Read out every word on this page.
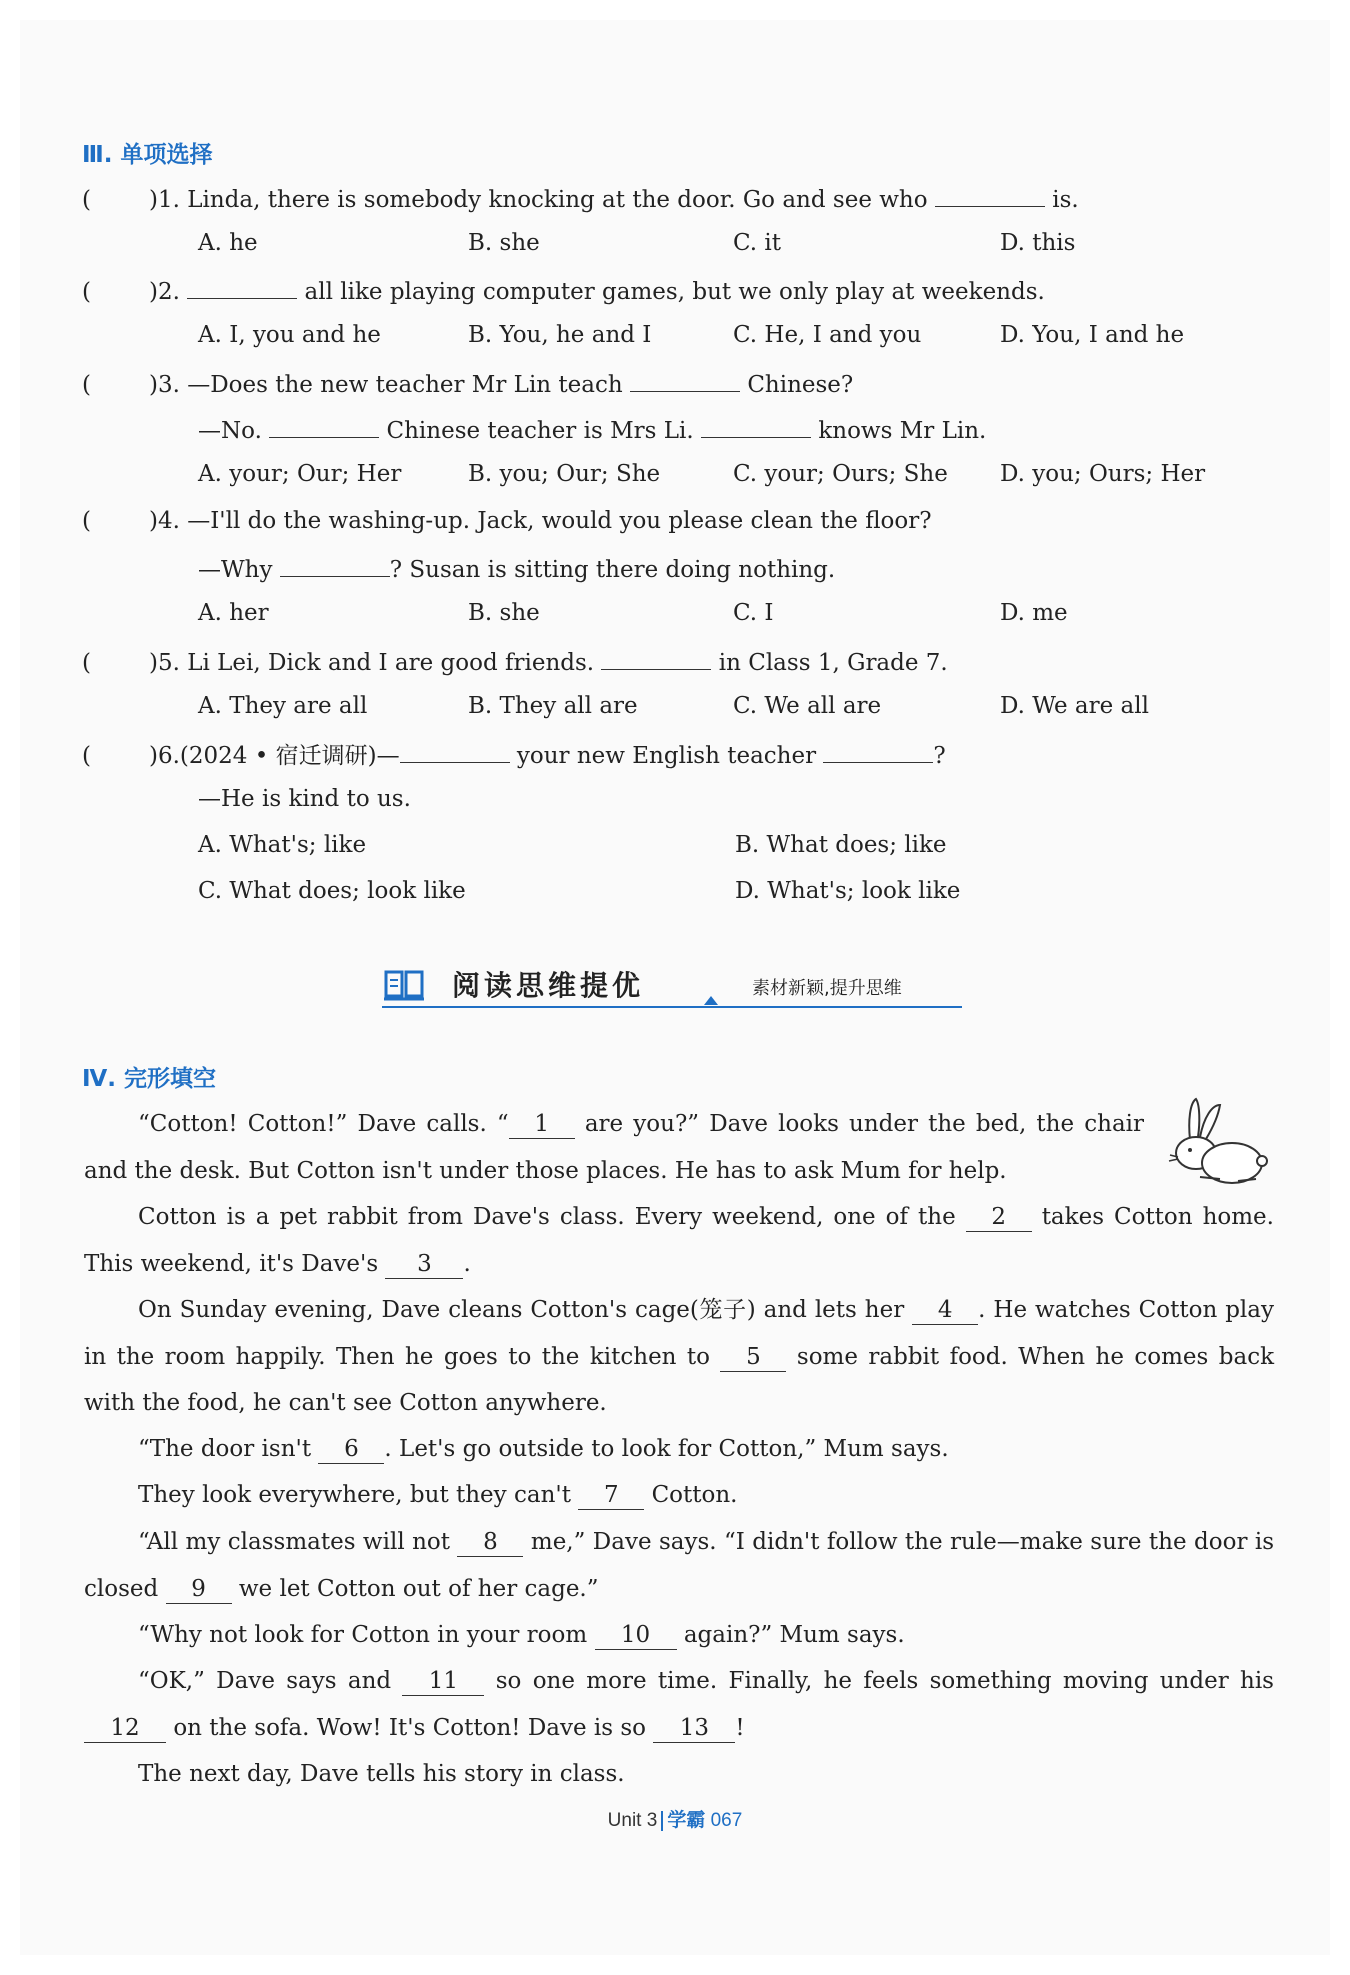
Ⅲ. 单项选择
(	)1. Linda, there is somebody knocking at the door. Go and see who	is.
A. he	B. she	C. it	D. this
(	)2.	all like playing computer games, but we only play at weekends.
A. I, you and he	B. You, he and I	C. He, I and you	D. You, I and he
(	)3. —Does the new teacher Mr Lin teach	Chinese?
—No.	Chinese teacher is Mrs Li.	knows Mr Lin.
A. your; Our; Her	B. you; Our; She	C. your; Ours; She D. you; Ours; Her
(	)4. —I'll do the washing-up. Jack, would you please clean the floor?
—Why	? Susan is sitting there doing nothing.
A. her	B. she	C. I	D. me
(	)5. Li Lei, Dick and I are good friends.	in Class 1, Grade 7.
A. They are all	B. They all are	C. We all are	D. We are all
(	)6.(2024 • 宿迁调研)—	your new English teacher	?
—He is kind to us.
A. What's; like	B. What does; like
C. What does; look like	D. What's; look like
阅读思维提优	素材新颖,提升思维
Ⅳ. 完形填空
“Cotton! Cotton!” Dave calls. “ 1 are you?” Dave looks under the bed, the chair and the desk. But Cotton isn't under those places. He has to ask Mum for help.
Cotton is a pet rabbit from Dave's class. Every weekend, one of the 2 takes Cotton home. This weekend, it's Dave's 3 .
On Sunday evening, Dave cleans Cotton's cage(笼子) and lets her 4 . He watches Cotton play in the room happily. Then he goes to the kitchen to 5 some rabbit food. When he comes back with the food, he can't see Cotton anywhere.
“The door isn't 6 . Let's go outside to look for Cotton,” Mum says.
They look everywhere, but they can't 7 Cotton.
“All my classmates will not 8 me,” Dave says. “I didn't follow the rule—make sure the door is closed 9 we let Cotton out of her cage.”
“Why not look for Cotton in your room 10 again?” Mum says.
“OK,” Dave says and 11 so one more time. Finally, he feels something moving under his 12 on the sofa. Wow! It's Cotton! Dave is so 13 !
The next day, Dave tells his story in class.
Unit 3 学霸 067
